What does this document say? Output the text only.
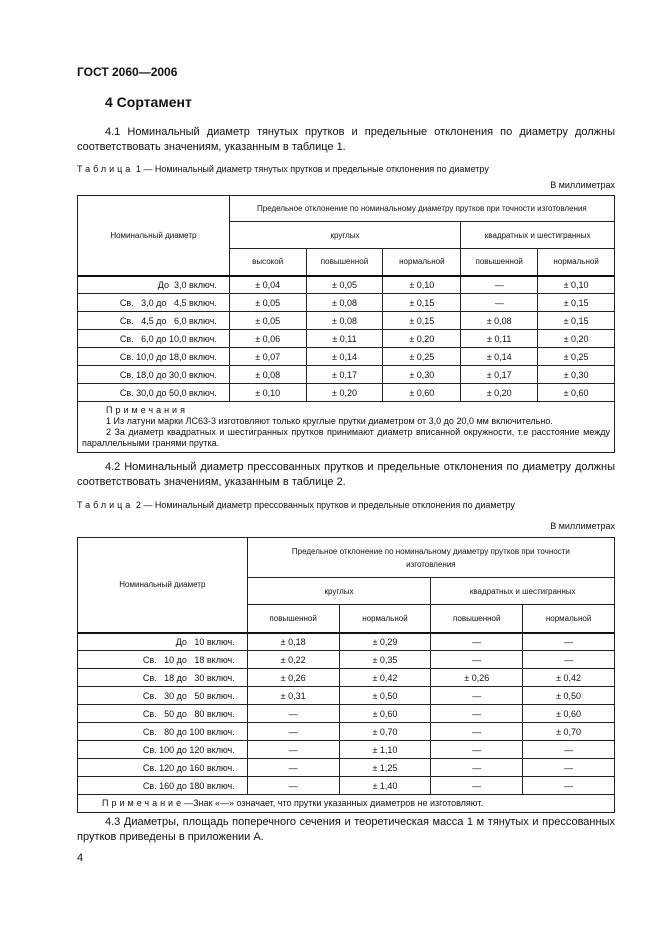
ГОСТ 2060—2006
4 Сортамент
4.1 Номинальный диаметр тянутых прутков и предельные отклонения по диаметру должны соответствовать значениям, указанным в таблице 1.
Таблица 1 — Номинальный диаметр тянутых прутков и предельные отклонения по диаметру
В миллиметрах
Номинальный диаметр	Предельное отклонение по номинальному диаметру прутков при точности изготовления				
	круглых			квадратных и шестигранных	
	высокой	повышенной	нормальной	повышенной	нормальной
До  3,0 включ.	± 0,04	± 0,05	± 0,10	—	± 0,10
Св.   3,0 до   4,5 включ.	± 0,05	± 0,08	± 0,15	—	± 0,15
Св.   4,5 до   6,0 включ.	± 0,05	± 0,08	± 0,15	± 0,08	± 0,15
Св.   6,0 до 10,0 включ.	± 0,06	± 0,11	± 0,20	± 0,11	± 0,20
Св. 10,0 до 18,0 включ.	± 0,07	± 0,14	± 0,25	± 0,14	± 0,25
Св. 18,0 до 30,0 включ.	± 0,08	± 0,17	± 0,30	± 0,17	± 0,30
Св. 30,0 до 50,0 включ.	± 0,10	± 0,20	± 0,60	± 0,20	± 0,60

Примечания
1 Из латуни марки ЛС63-3 изготовляют только круглые прутки диаметром от 3,0 до 20,0 мм включительно.
2 За диаметр квадратных и шестигранных прутков принимают диаметр вписанной окружности, т.е расстояние между параллельными гранями прутка.					
4.2 Номинальный диаметр прессованных прутков и предельные отклонения по диаметру должны соответствовать значениям, указанным в таблице 2.
Таблица 2 — Номинальный диаметр прессованных прутков и предельные отклонения по диаметру
В миллиметрах
Номинальный диаметр	Предельное отклонение по номинальному диаметру прутков при точности изготовления			
	круглых		квадратных и шестигранных	
	повышенной	нормальной	повышенной	нормальной
До   10 включ.	± 0,18	± 0,29	—	—
Св.   10 до   18 включ.	± 0,22	± 0,35	—	—
Св.   18 до   30 включ.	± 0,26	± 0,42	± 0,26	± 0,42
Св.   30 до   50 включ.	± 0,31	± 0,50	—	± 0,50
Св.   50 до   80 включ.	—	± 0,60	—	± 0,60
Св.   80 до 100 включ.	—	± 0,70	—	± 0,70
Св. 100 до 120 включ.	—	± 1,10	—	—
Св. 120 до 160 включ.	—	± 1,25	—	—
Св. 160 до 180 включ.	—	± 1,40	—	—
Примечание—Знак «—» означает, что прутки указанных диаметров не изготовляют.				
4.3 Диаметры, площадь поперечного сечения и теоретическая масса 1 м тянутых и прессованных прутков приведены в приложении А.
4
